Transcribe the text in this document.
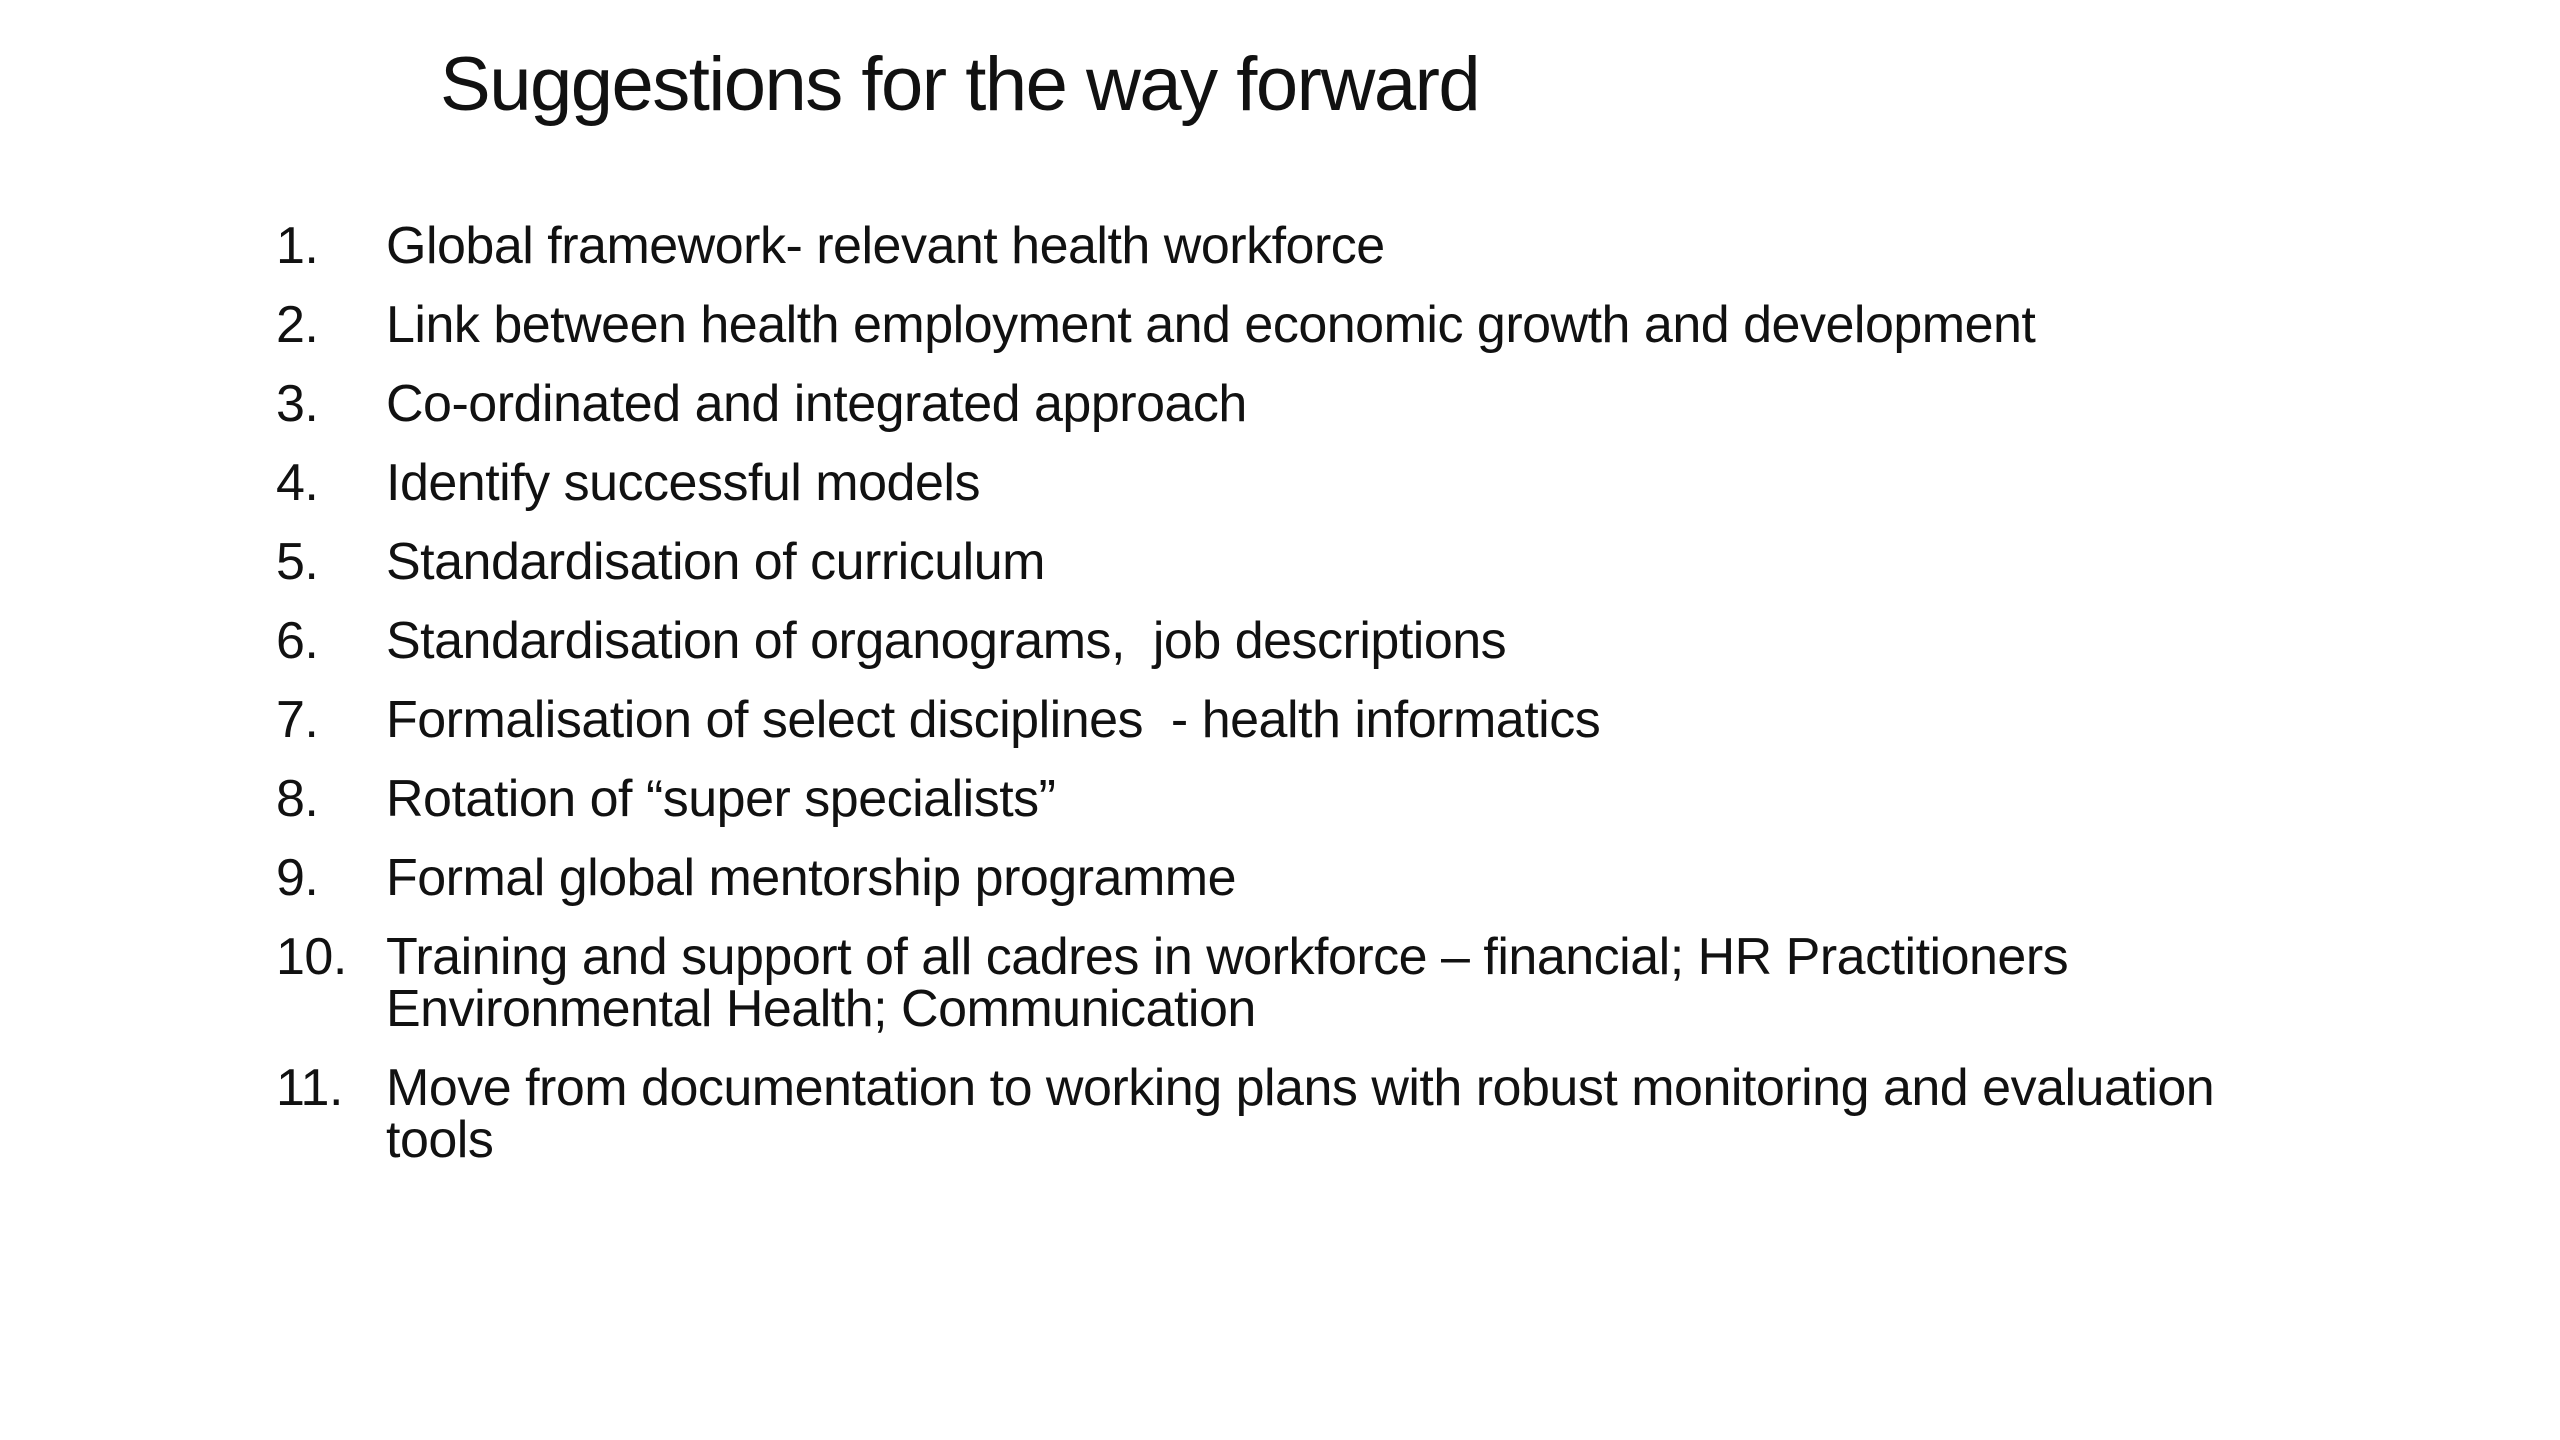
Suggestions for the way forward
1.	Global framework- relevant health workforce
2.	Link between health employment and economic growth and development
3.	Co-ordinated and integrated approach
4.	Identify successful models
5.	Standardisation of curriculum
6.	Standardisation of organograms,  job descriptions
7.	Formalisation of select disciplines  - health informatics
8.	Rotation of “super specialists”
9.	Formal global mentorship programme
10. Training and support of all cadres in workforce – financial; HR Practitioners Environmental Health; Communication
11. Move from documentation to working plans with robust monitoring and evaluation tools
